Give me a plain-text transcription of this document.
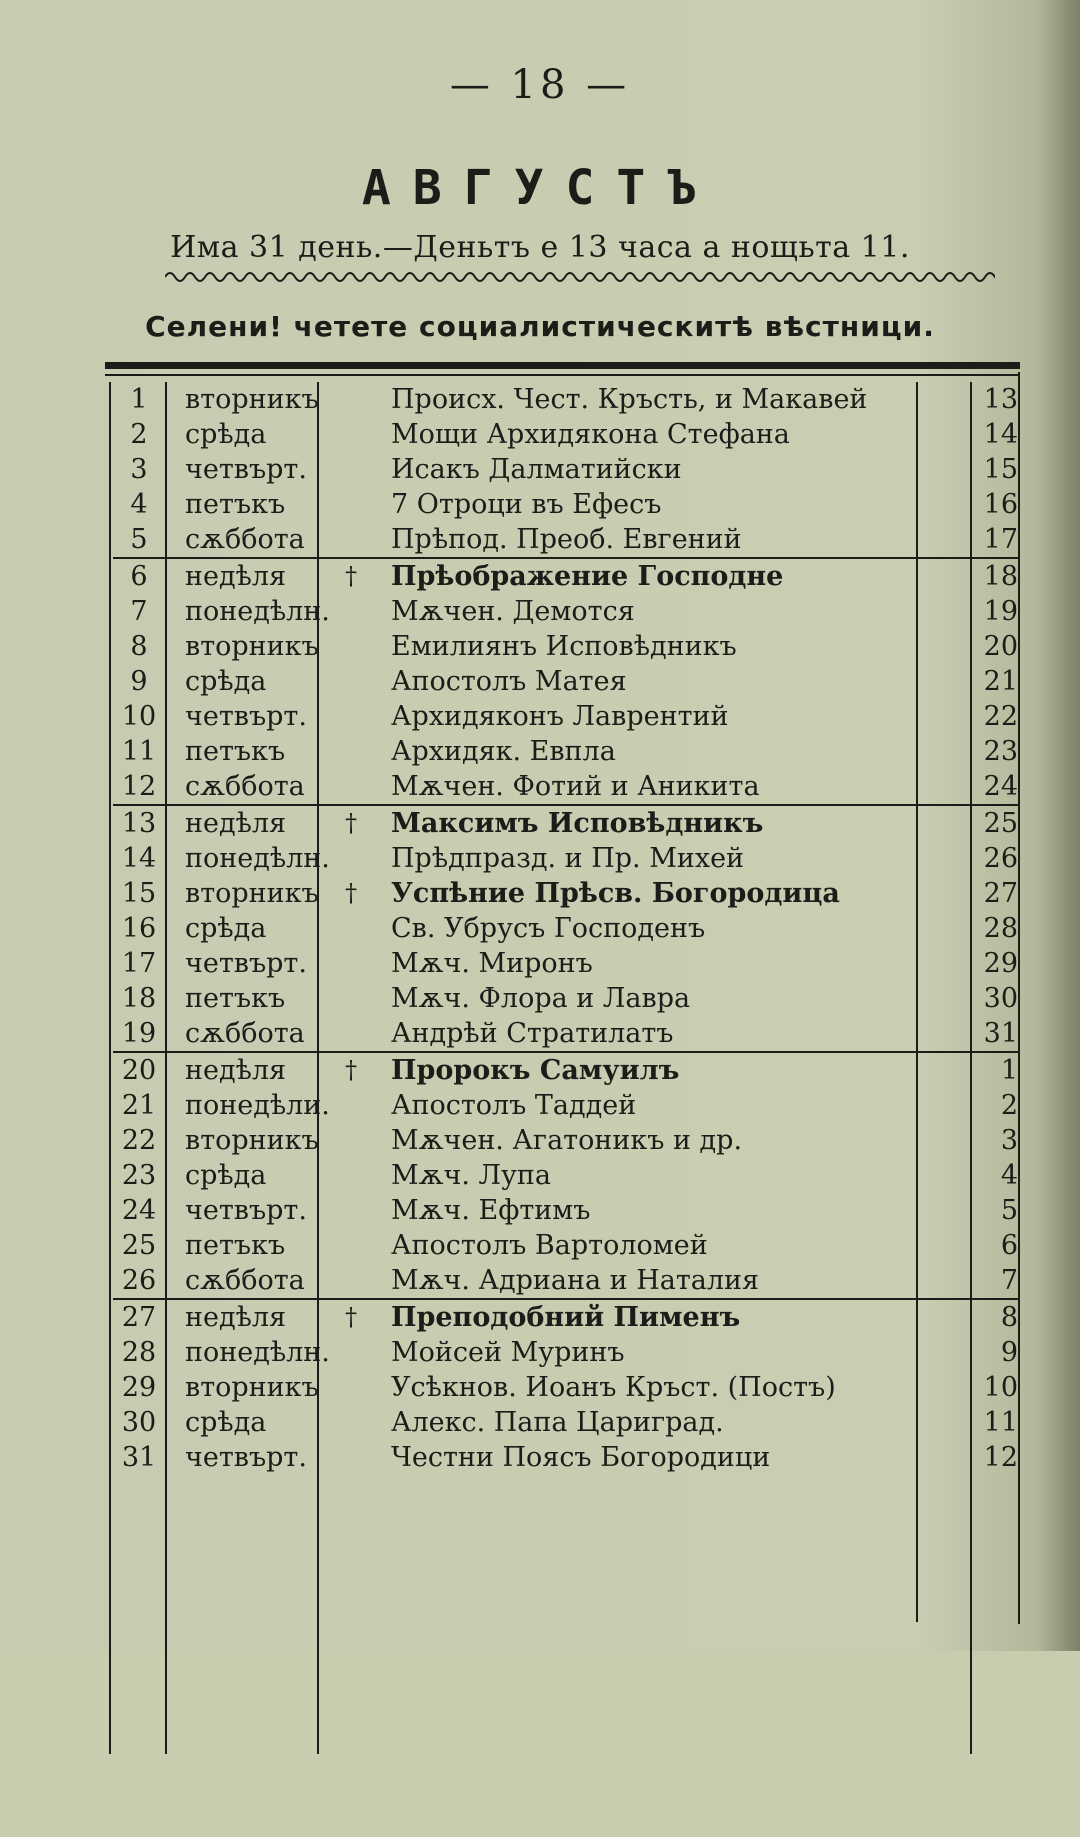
— 18 —
АВГУСТЪ
Има 31 день.—Деньтъ е 13 часа а нощьта 11.
Селени! четете социалистическитѣ вѣстници.
1	вторникъ	Происх. Чест. Кръсть, и Макавей	13
2	срѣда	Мощи Архидякона Стефана	14
3	четвърт.	Исакъ Далматийски	15
4	петъкъ	7 Отроци въ Ефесъ	16
5	сѫббота	Прѣпод. Преоб. Евгений	17
6	недѣля † Прѣображение Господне	18
7	понедѣлн. Мѫчен. Демотся	19
8	вторникъ	Емилиянъ Исповѣдникъ	20
9	срѣда	Апостолъ Матея	21
10	четвърт.	Архидяконъ Лаврентий	22
11	петъкъ	Архидяк. Евпла	23
12	сѫббота	Мѫчен. Фотий и Аникита	24
13	недѣля † Максимъ Исповѣдникъ	25
14	понедѣлн. Прѣдпразд. и Пр. Михей	26
15	вторникъ † Успѣние Прѣсв. Богородица	27
16	срѣда	Св. Убрусъ Господенъ	28
17	четвърт.	Мѫч. Миронъ	29
18	петъкъ	Мѫч. Флора и Лавра	30
19	сѫббота	Андрѣй Стратилатъ	31
20	недѣля † Пророкъ Самуилъ	1
21	понедѣли. Апостолъ Таддей	2
22	вторникъ	Мѫчен. Агатоникъ и др.	3
23	срѣда	Мѫч. Лупа	4
24	четвърт.	Мѫч. Ефтимъ	5
25	петъкъ	Апостолъ Вартоломей	6
26	сѫббота	Мѫч. Адриана и Наталия	7
27	недѣля † Преподобний Пименъ	8
28	понедѣлн. Мойсей Муринъ	9
29	вторникъ	Усѣкнов. Иоанъ Кръст. (Постъ)	10
30	срѣда	Алекс. Папа Цариград.	11
31	четвърт.	Честни Поясъ Богородици	12
